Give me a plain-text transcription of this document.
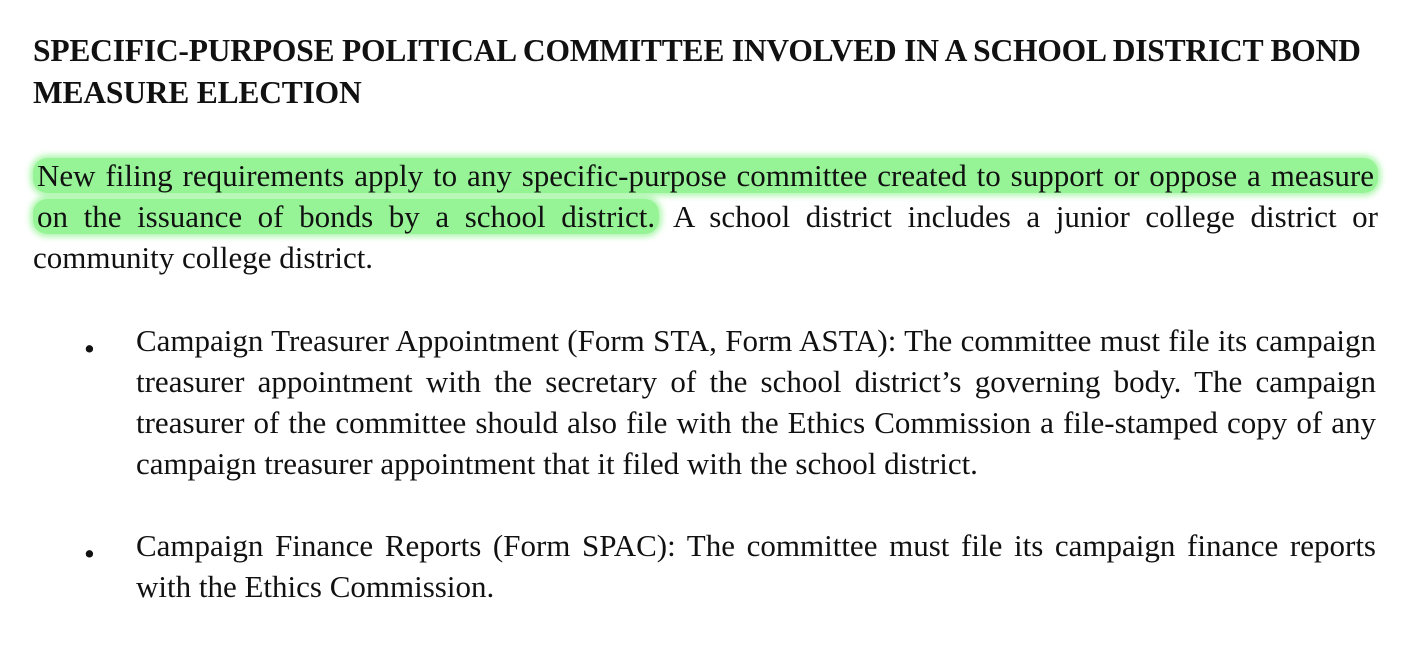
SPECIFIC-PURPOSE POLITICAL COMMITTEE INVOLVED IN A SCHOOL DISTRICT BOND MEASURE ELECTION

New filing requirements apply to any specific-purpose committee created to support or oppose a measure on the issuance of bonds by a school district. A school district includes a junior college district or community college district.

• Campaign Treasurer Appointment (Form STA, Form ASTA): The committee must file its campaign treasurer appointment with the secretary of the school district’s governing body. The campaign treasurer of the committee should also file with the Ethics Commission a file-stamped copy of any campaign treasurer appointment that it filed with the school district.
• Campaign Finance Reports (Form SPAC): The committee must file its campaign finance reports with the Ethics Commission.
